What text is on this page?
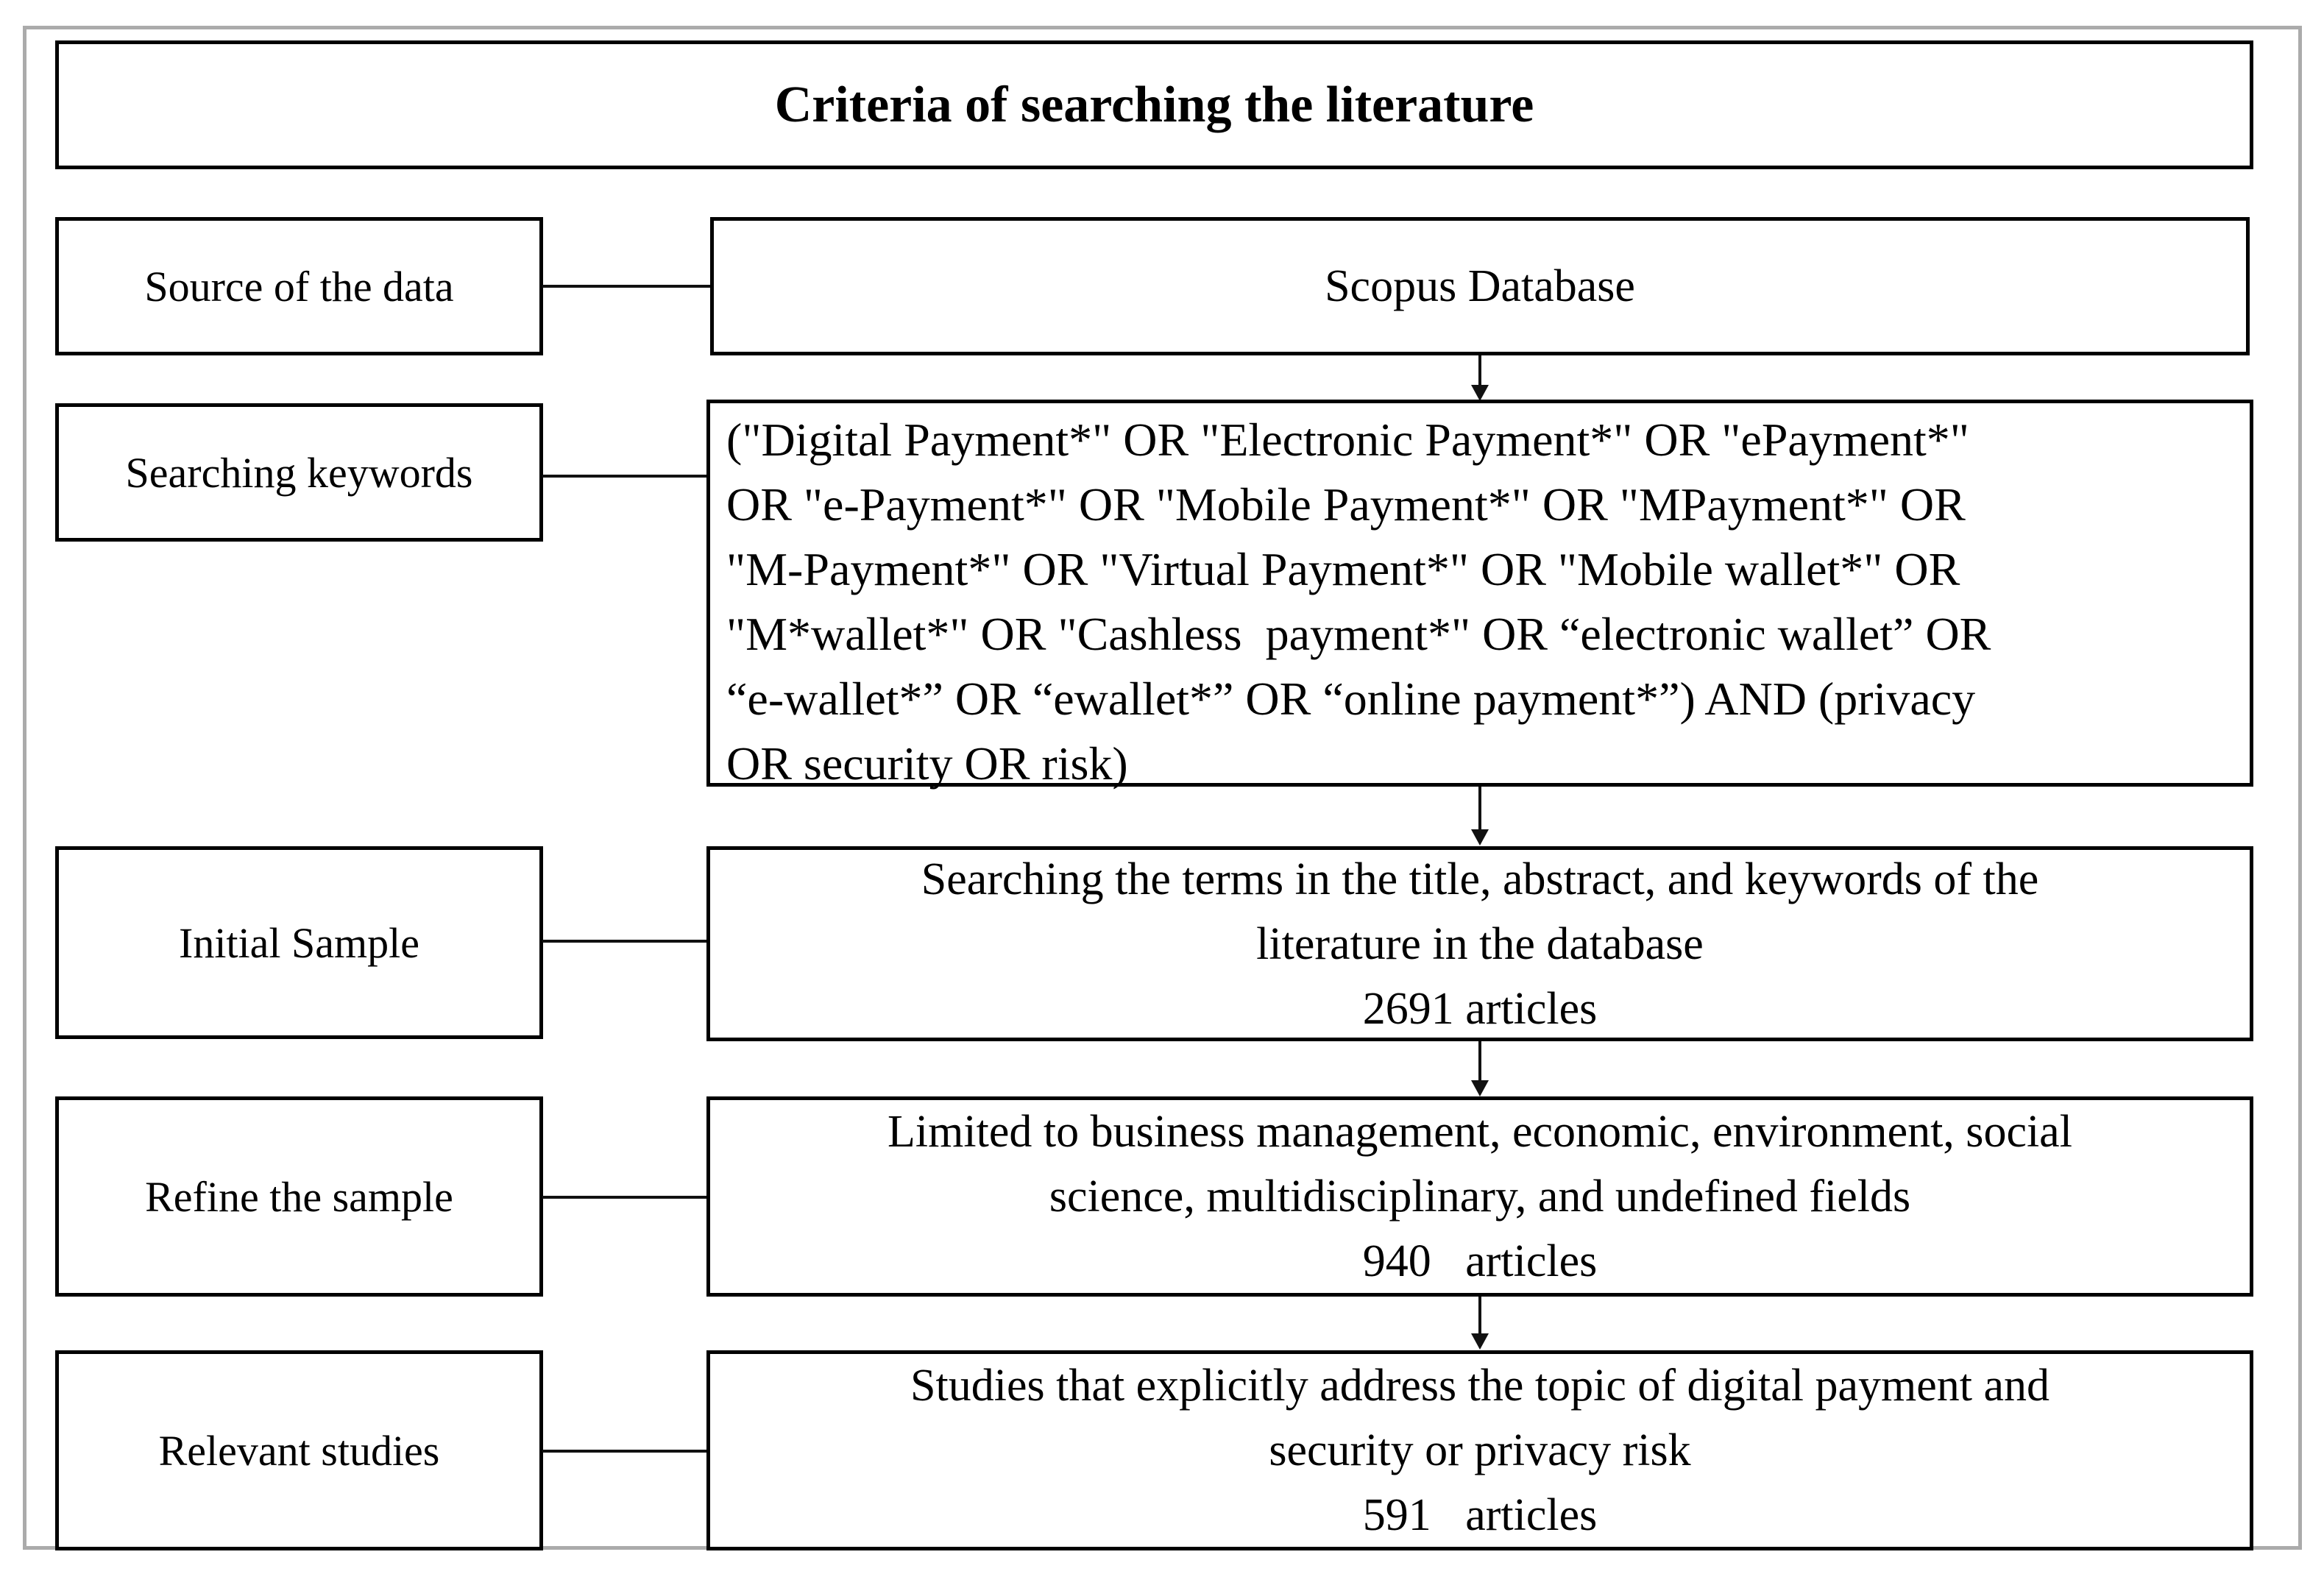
Criteria of searching the literature
Source of the data	Scopus Database
Searching keywords
("Digital Payment*" OR "Electronic Payment*" OR "ePayment*"
OR "e-Payment*" OR "Mobile Payment*" OR "MPayment*" OR
"M-Payment*" OR "Virtual Payment*" OR "Mobile wallet*" OR
"M*wallet*" OR "Cashless  payment*" OR “electronic wallet” OR
“e-wallet*” OR “ewallet*” OR “online payment*”) AND (privacy
OR security OR risk)
Initial Sample
Searching the terms in the title, abstract, and keywords of the
literature in the database
2691 articles
Refine the sample
Limited to business management, economic, environment, social
science, multidisciplinary, and undefined fields
940   articles
Relevant studies
Studies that explicitly address the topic of digital payment and
security or privacy risk
591   articles
